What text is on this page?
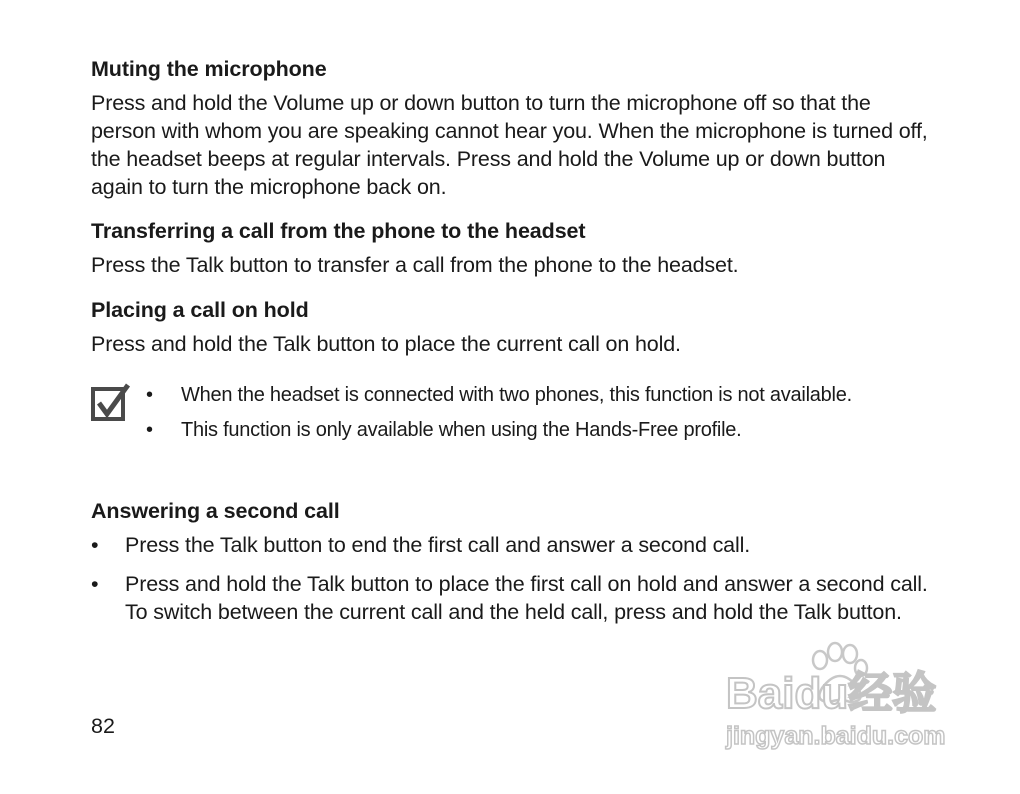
Muting the microphone

Press and hold the Volume up or down button to turn the microphone off so that the person with whom you are speaking cannot hear you. When the microphone is turned off, the headset beeps at regular intervals. Press and hold the Volume up or down button again to turn the microphone back on.

Transferring a call from the phone to the headset

Press the Talk button to transfer a call from the phone to the headset.

Placing a call on hold

Press and hold the Talk button to place the current call on hold.

• When the headset is connected with two phones, this function is not available.
• This function is only available when using the Hands-Free profile.

Answering a second call

• Press the Talk button to end the first call and answer a second call.
• Press and hold the Talk button to place the first call on hold and answer a second call. To switch between the current call and the held call, press and hold the Talk button.
82
Baidu经验
jingyan.baidu.com
